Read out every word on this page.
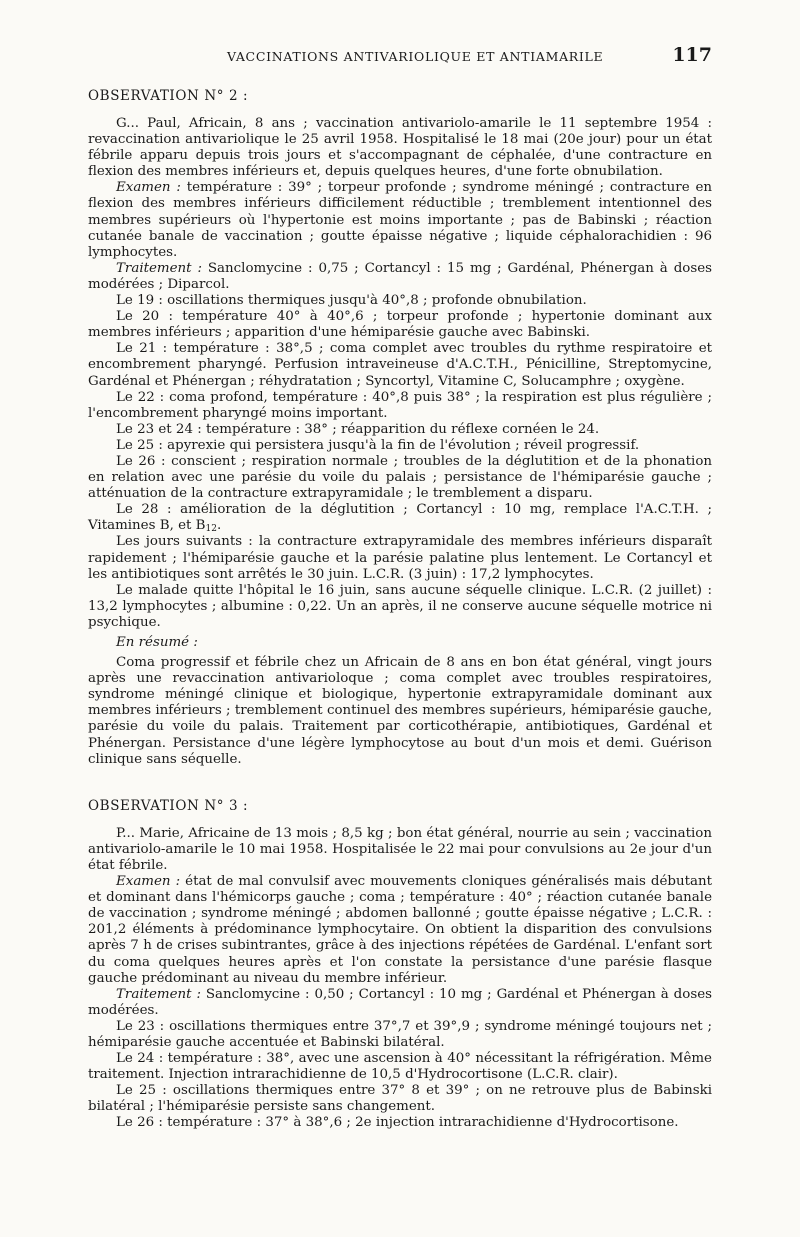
VACCINATIONS ANTIVARIOLIQUE ET ANTIAMARILE	117
OBSERVATION N° 2 :

G... Paul, Africain, 8 ans ; vaccination antivariolo-amarile le 11 septembre 1954 : revaccination antivariolique le 25 avril 1958. Hospitalisé le 18 mai (20e jour) pour un état fébrile apparu depuis trois jours et s'accompagnant de céphalée, d'une contracture en flexion des membres inférieurs et, depuis quelques heures, d'une forte obnubilation.

Examen : température : 39° ; torpeur profonde ; syndrome méningé ; contracture en flexion des membres inférieurs difficilement réductible ; tremblement intentionnel des membres supérieurs où l'hypertonie est moins importante ; pas de Babinski ; réaction cutanée banale de vaccination ; goutte épaisse négative ; liquide céphalorachidien : 96 lymphocytes.

Traitement : Sanclomycine : 0,75 ; Cortancyl : 15 mg ; Gardénal, Phénergan à doses modérées ; Diparcol.

Le 19 : oscillations thermiques jusqu'à 40°,8 ; profonde obnubilation.

Le 20 : température 40° à 40°,6 ; torpeur profonde ; hypertonie dominant aux membres inférieurs ; apparition d'une hémiparésie gauche avec Babinski.

Le 21 : température : 38°,5 ; coma complet avec troubles du rythme respiratoire et encombrement pharyngé. Perfusion intraveineuse d'A.C.T.H., Pénicilline, Streptomycine, Gardénal et Phénergan ; réhydratation ; Syncortyl, Vitamine C, Solucamphre ; oxygène.

Le 22 : coma profond, température : 40°,8 puis 38° ; la respiration est plus régulière ; l'encombrement pharyngé moins important.

Le 23 et 24 : température : 38° ; réapparition du réflexe cornéen le 24.

Le 25 : apyrexie qui persistera jusqu'à la fin de l'évolution ; réveil progressif.

Le 26 : conscient ; respiration normale ; troubles de la déglutition et de la phonation en relation avec une parésie du voile du palais ; persistance de l'hémiparésie gauche ; atténuation de la contracture extrapyramidale ; le tremblement a disparu.

Le 28 : amélioration de la déglutition ; Cortancyl : 10 mg, remplace l'A.C.T.H. ; Vitamines B, et $B_{12}$.

Les jours suivants : la contracture extrapyramidale des membres inférieurs disparaît rapidement ; l'hémiparésie gauche et la parésie palatine plus lentement. Le Cortancyl et les antibiotiques sont arrêtés le 30 juin. L.C.R. (3 juin) : 17,2 lymphocytes.

Le malade quitte l'hôpital le 16 juin, sans aucune séquelle clinique. L.C.R. (2 juillet) : 13,2 lymphocytes ; albumine : 0,22. Un an après, il ne conserve aucune séquelle motrice ni psychique.

En résumé :

Coma progressif et fébrile chez un Africain de 8 ans en bon état général, vingt jours après une revaccination antivarioloque ; coma complet avec troubles respiratoires, syndrome méningé clinique et biologique, hypertonie extrapyramidale dominant aux membres inférieurs ; tremblement continuel des membres supérieurs, hémiparésie gauche, parésie du voile du palais. Traitement par corticothérapie, antibiotiques, Gardénal et Phénergan. Persistance d'une légère lymphocytose au bout d'un mois et demi. Guérison clinique sans séquelle.

OBSERVATION N° 3 :

P... Marie, Africaine de 13 mois ; 8,5 kg ; bon état général, nourrie au sein ; vaccination antivariolo-amarile le 10 mai 1958. Hospitalisée le 22 mai pour convulsions au 2e jour d'un état fébrile.

Examen : état de mal convulsif avec mouvements cloniques généralisés mais débutant et dominant dans l'hémicorps gauche ; coma ; température : 40° ; réaction cutanée banale de vaccination ; syndrome méningé ; abdomen ballonné ; goutte épaisse négative ; L.C.R. : 201,2 éléments à prédominance lymphocytaire. On obtient la disparition des convulsions après 7 h de crises subintrantes, grâce à des injections répétées de Gardénal. L'enfant sort du coma quelques heures après et l'on constate la persistance d'une parésie flasque gauche prédominant au niveau du membre inférieur.

Traitement : Sanclomycine : 0,50 ; Cortancyl : 10 mg ; Gardénal et Phénergan à doses modérées.

Le 23 : oscillations thermiques entre 37°,7 et 39°,9 ; syndrome méningé toujours net ; hémiparésie gauche accentuée et Babinski bilatéral.

Le 24 : température : 38°, avec une ascension à 40° nécessitant la réfrigération. Même traitement. Injection intrarachidienne de 10,5 d'Hydrocortisone (L.C.R. clair).

Le 25 : oscillations thermiques entre 37° 8 et 39° ; on ne retrouve plus de Babinski bilatéral ; l'hémiparésie persiste sans changement.

Le 26 : température : 37° à 38°,6 ; 2e injection intrarachidienne d'Hydrocortisone.
